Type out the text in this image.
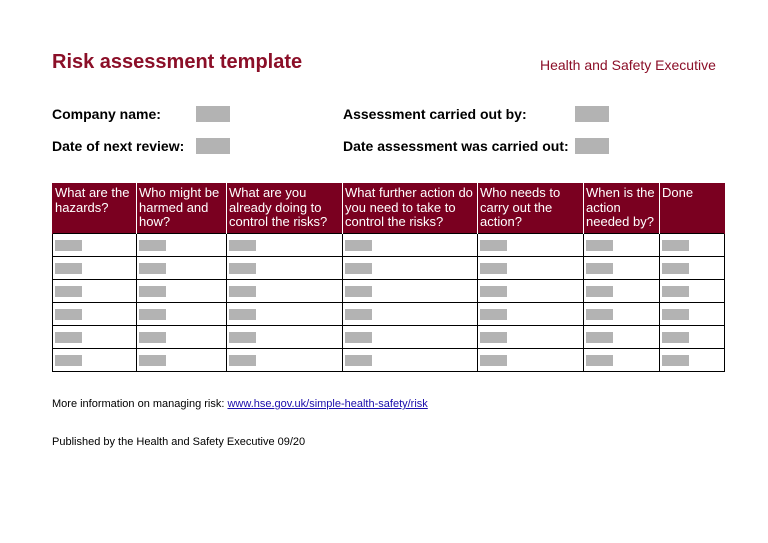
Risk assessment template	Health and Safety Executive
Company name:	Assessment carried out by:
Date of next review:	Date assessment was carried out:
What are the hazards?	Who might be harmed and how?	What are you already doing to control the risks?	What further action do you need to take to control the risks?	Who needs to carry out the action?	When is the action needed by?	Done

More information on managing risk: www.hse.gov.uk/simple-health-safety/risk
Published by the Health and Safety Executive 09/20
